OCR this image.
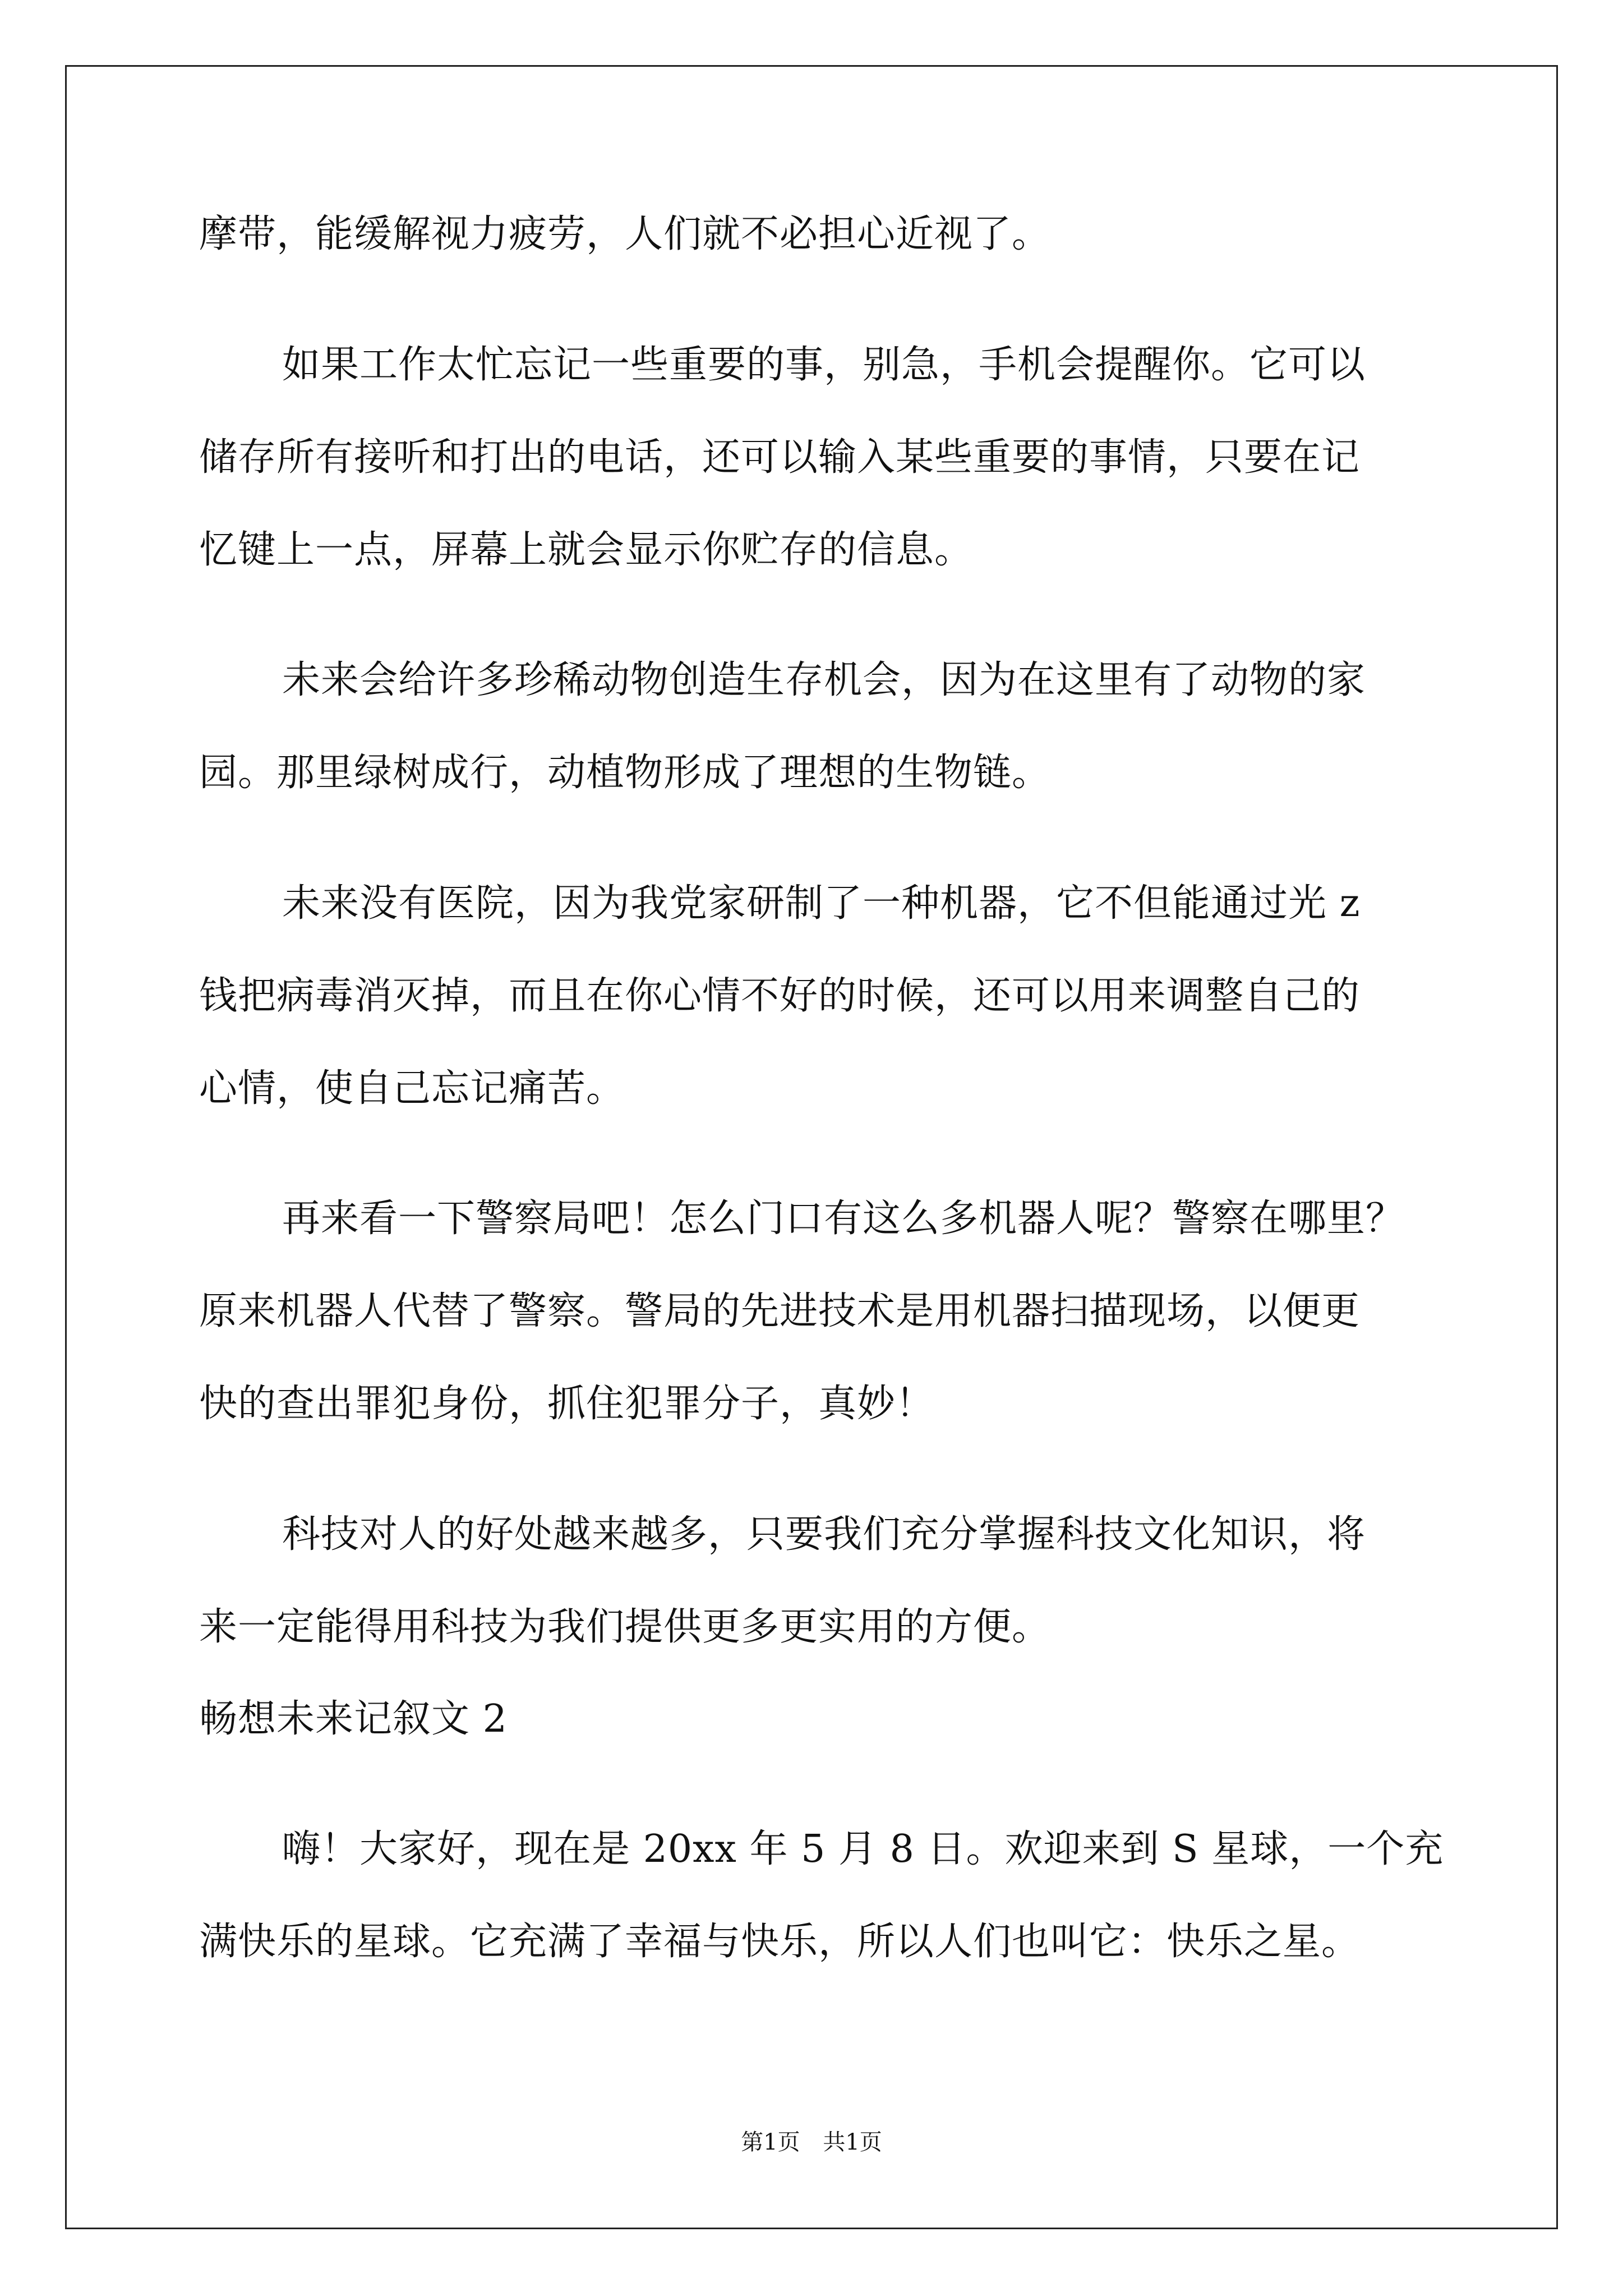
摩带，能缓解视力疲劳，人们就不必担心近视了。
如果工作太忙忘记一些重要的事，别急，手机会提醒你。它可以
储存所有接听和打出的电话，还可以输入某些重要的事情，只要在记
忆键上一点，屏幕上就会显示你贮存的信息。
未来会给许多珍稀动物创造生存机会，因为在这里有了动物的家
园。那里绿树成行，动植物形成了理想的生物链。
未来没有医院，因为我党家研制了一种机器，它不但能通过光 z
钱把病毒消灭掉，而且在你心情不好的时候，还可以用来调整自己的
心情，使自己忘记痛苦。
再来看一下警察局吧！怎么门口有这么多机器人呢？警察在哪里？
原来机器人代替了警察。警局的先进技术是用机器扫描现场，以便更
快的查出罪犯身份，抓住犯罪分子，真妙！
科技对人的好处越来越多，只要我们充分掌握科技文化知识，将
来一定能得用科技为我们提供更多更实用的方便。
畅想未来记叙文 2
嗨！大家好，现在是 20xx 年 5 月 8 日。欢迎来到 S 星球，一个充
满快乐的星球。它充满了幸福与快乐，所以人们也叫它：快乐之星。
第1页 共1页
